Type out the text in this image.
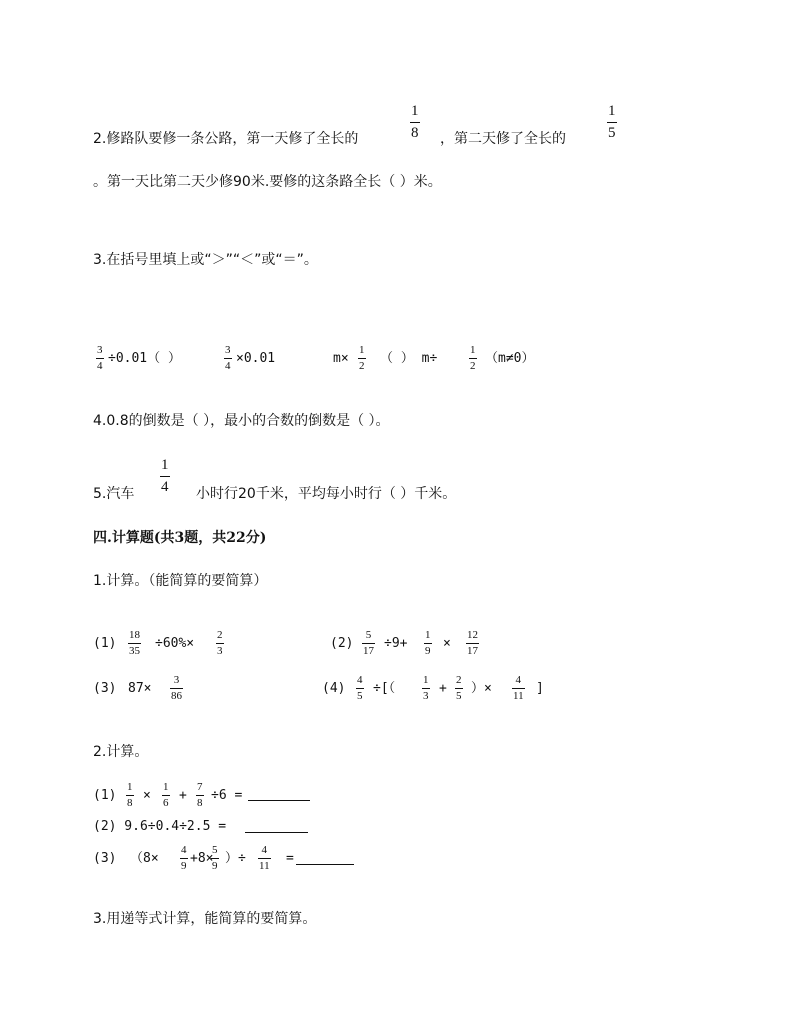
2.修路队要修一条公路，第一天修了全长的
1
8 ，第二天修了全长的
1
5
。第一天比第二天少修90米.要修的这条路全长（ ）米。
3.在括号里填上或“＞”“＜”或“＝”。
3
4 ÷0.01（ ）
3
4 ×0.01	m×
1
2 （ ） m÷
1
2 （m≠0）
4.0.8的倒数是（ ），最小的合数的倒数是（ ）。
5.汽车
1
4 小时行20千米，平均每小时行（ ）千米。
四.计算题(共3题，共22分)
1.计算。（能简算的要简算）
(1)
18
35 ÷60%×
2
3	(2)
5
17 ÷9+
1
9 ×
12
17
(3) 87×
3
86	(4)
4
5 ÷[（
1
3 +
2
5 ）×
4
11 ]
2.计算。
(1)
1
8 ×
1
6 +
7
8 ÷6 =
(2) 9.6÷0.4÷2.5 =
(3) （8×
4
9 +8×
5
9 ）÷
4
11 =
3.用递等式计算，能简算的要简算。
